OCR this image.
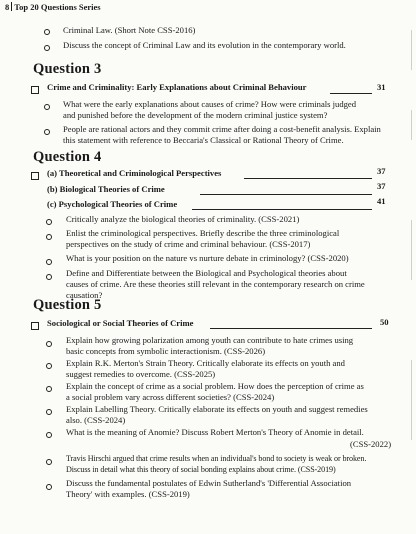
8 Top 20 Questions Series
Criminal Law. (Short Note CSS-2016)
Discuss the concept of Criminal Law and its evolution in the contemporary world.
Question 3
Crime and Criminality: Early Explanations about Criminal Behaviour	31
What were the early explanations about causes of crime? How were criminals judged
and punished before the development of the modern criminal justice system?
People are rational actors and they commit crime after doing a cost-benefit analysis. Explain
this statement with reference to Beccaria's Classical or Rational Theory of Crime.
Question 4
(a) Theoretical and Criminological Perspectives	37
(b) Biological Theories of Crime	37
(c) Psychological Theories of Crime	41
Critically analyze the biological theories of criminality. (CSS-2021)
Enlist the criminological perspectives. Briefly describe the three criminological
perspectives on the study of crime and criminal behaviour. (CSS-2017)
What is your position on the nature vs nurture debate in criminology? (CSS-2020)
Define and Differentiate between the Biological and Psychological theories about
causes of crime. Are these theories still relevant in the contemporary research on crime
causation?
Question 5
Sociological or Social Theories of Crime	50
Explain how growing polarization among youth can contribute to hate crimes using
basic concepts from symbolic interactionism. (CSS-2026)
Explain R.K. Merton's Strain Theory. Critically elaborate its effects on youth and
suggest remedies to overcome. (CSS-2025)
Explain the concept of crime as a social problem. How does the perception of crime as
a social problem vary across different societies? (CSS-2024)
Explain Labelling Theory. Critically elaborate its effects on youth and suggest remedies
also. (CSS-2024)
What is the meaning of Anomie? Discuss Robert Merton's Theory of Anomie in detail.
(CSS-2022)
Travis Hirschi argued that crime results when an individual's bond to society is weak or broken.
Discuss in detail what this theory of social bonding explains about crime. (CSS-2019)
Discuss the fundamental postulates of Edwin Sutherland's 'Differential Association
Theory' with examples. (CSS-2019)
